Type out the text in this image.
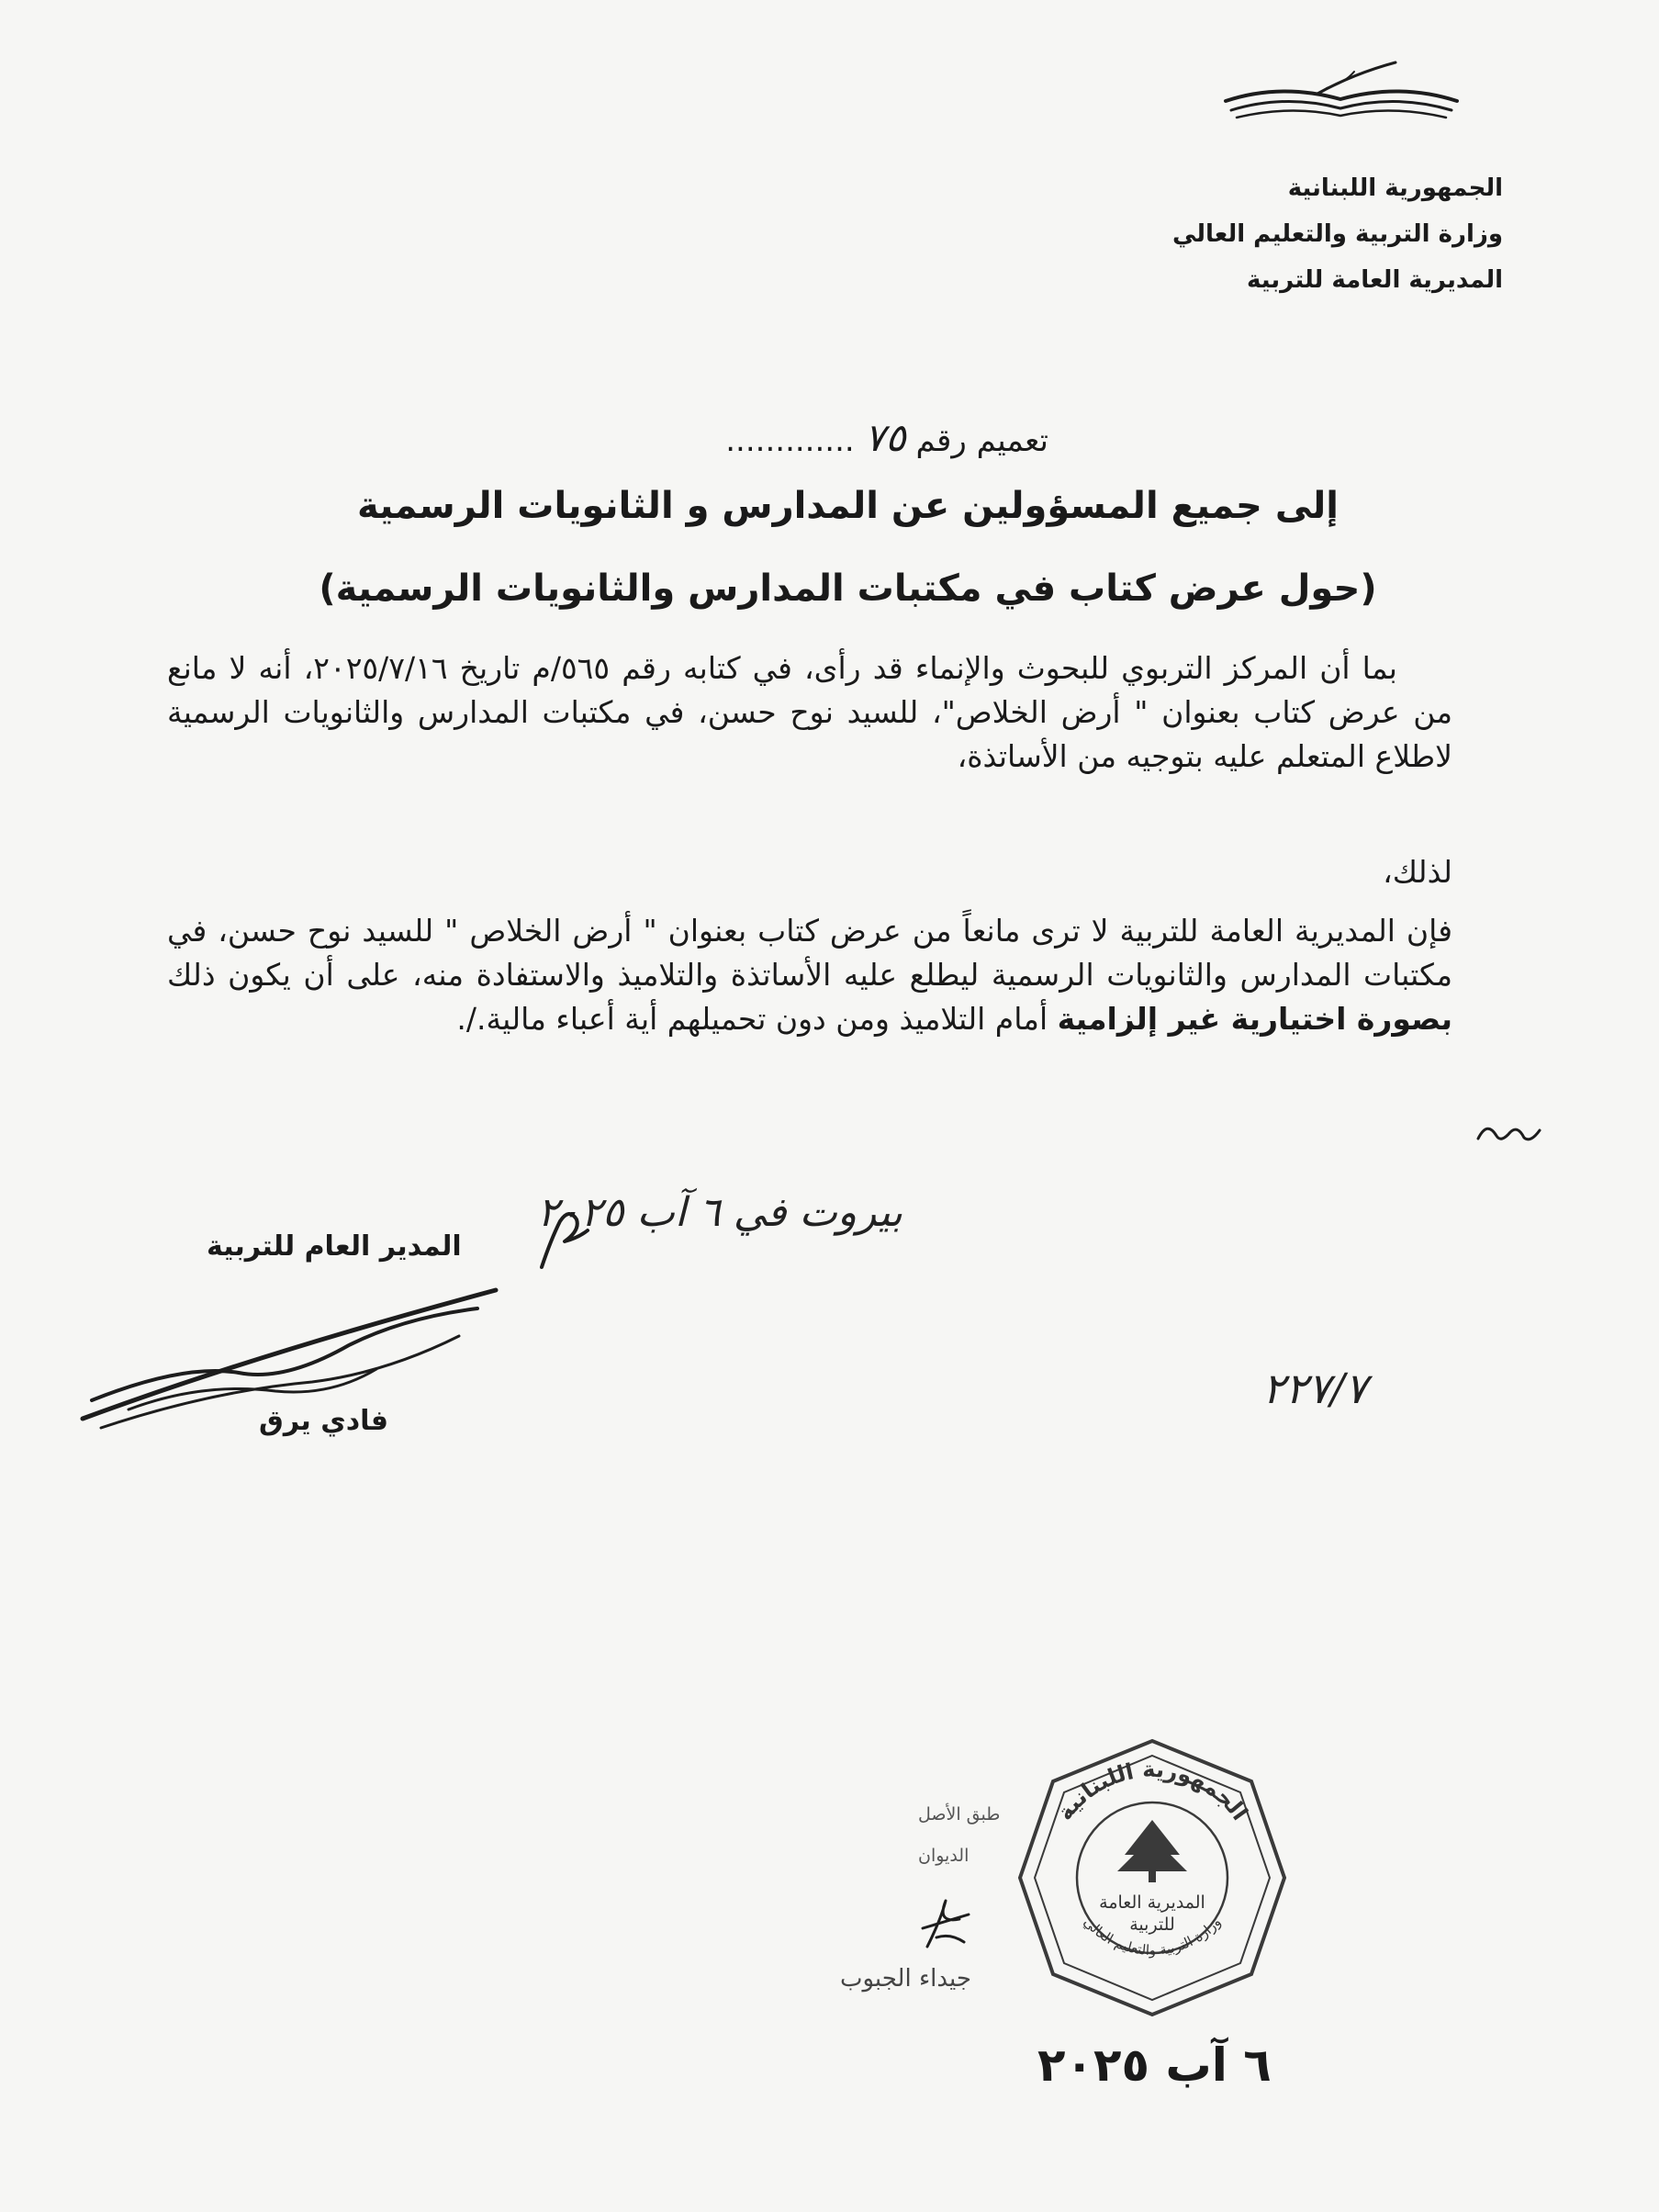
الجمهورية اللبنانية
وزارة التربية والتعليم العالي
المديرية العامة للتربية
تعميم رقم ٧٥ .............
إلى جميع المسؤولين عن المدارس و الثانويات الرسمية
(حول عرض كتاب في مكتبات المدارس والثانويات الرسمية)
بما أن المركز التربوي للبحوث والإنماء قد رأى، في كتابه رقم ٥٦٥/م تاريخ ٢٠٢٥/٧/١٦، أنه لا مانع من عرض كتاب بعنوان " أرض الخلاص"، للسيد نوح حسن، في مكتبات المدارس والثانويات الرسمية لاطلاع المتعلم عليه بتوجيه من الأساتذة،
لذلك،
فإن المديرية العامة للتربية لا ترى مانعاً من عرض كتاب بعنوان " أرض الخلاص " للسيد نوح حسن، في مكتبات المدارس والثانويات الرسمية ليطلع عليه الأساتذة والتلاميذ والاستفادة منه، على أن يكون ذلك بصورة اختيارية غير إلزامية أمام التلاميذ ومن دون تحميلهم أية أعباء مالية./.
بيروت في ٦ آب ٢٠٢٥
المدير العام للتربية
فادي يرق
٢٢٧/٧
الجمهورية اللبنانية
وزارة التربية والتعليم العالي
المديرية العامة
للتربية
طبق الأصل
الديوان
جيداء الجبوب
٦ آب ٢٠٢٥
